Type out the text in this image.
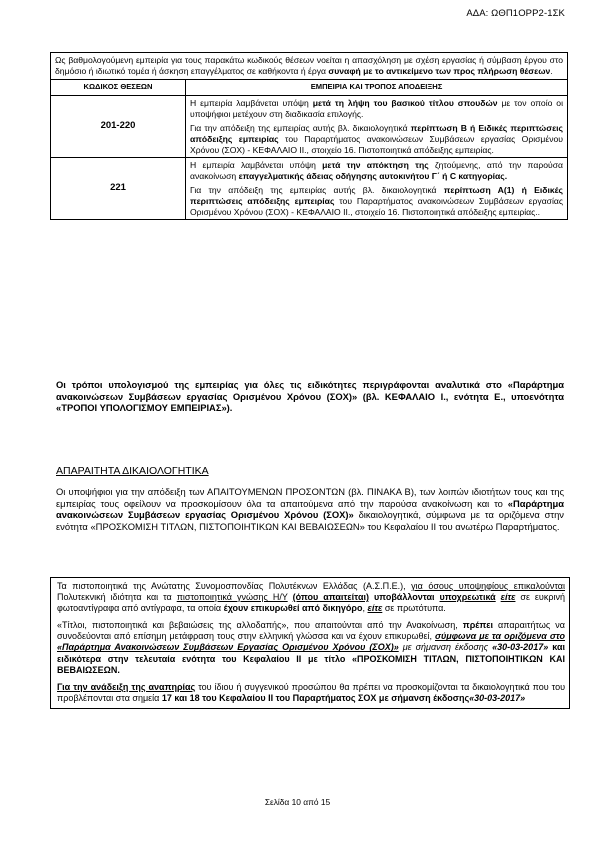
ΑΔΑ: ΩΘΠ1ΟΡΡ2-1ΣΚ
Ως βαθμολογούμενη εμπειρία για τους παρακάτω κωδικούς θέσεων νοείται η απασχόληση με σχέση εργασίας ή σύμβαση έργου στο δημόσιο ή ιδιωτικό τομέα ή άσκηση επαγγέλματος σε καθήκοντα ή έργα συναφή με το αντικείμενο των προς πλήρωση θέσεων.	
ΚΩΔΙΚΟΣ ΘΕΣΕΩΝ	ΕΜΠΕΙΡΙΑ ΚΑΙ ΤΡΟΠΟΣ ΑΠΟΔΕΙΞΗΣ
201-220	Η εμπειρία λαμβάνεται υπόψη μετά τη λήψη του βασικού τίτλου σπουδών με τον οποίο οι υποψήφιοι μετέχουν στη διαδικασία επιλογής.

Για την απόδειξη της εμπειρίας αυτής βλ. δικαιολογητικά περίπτωση Β ή Ειδικές περιπτώσεις απόδειξης εμπειρίας του Παραρτήματος ανακοινώσεων Συμβάσεων εργασίας Ορισμένου Χρόνου (ΣΟΧ) - ΚΕΦΑΛΑΙΟ ΙΙ., στοιχείο 16. Πιστοποιητικά απόδειξης εμπειρίας.

221	Η εμπειρία λαμβάνεται υπόψη μετά την απόκτηση της ζητούμενης, από την παρούσα ανακοίνωση επαγγελματικής άδειας οδήγησης αυτοκινήτου Γ΄ ή C κατηγορίας.

Για την απόδειξη της εμπειρίας αυτής βλ. δικαιολογητικά περίπτωση Α(1) ή Ειδικές περιπτώσεις απόδειξης εμπειρίας του Παραρτήματος ανακοινώσεων Συμβάσεων εργασίας Ορισμένου Χρόνου (ΣΟΧ) - ΚΕΦΑΛΑΙΟ ΙΙ., στοιχείο 16. Πιστοποιητικά απόδειξης εμπειρίας..

Οι τρόποι υπολογισμού της εμπειρίας για όλες τις ειδικότητες περιγράφονται αναλυτικά στο «Παράρτημα ανακοινώσεων Συμβάσεων εργασίας Ορισμένου Χρόνου (ΣΟΧ)» (βλ. ΚΕΦΑΛΑΙΟ Ι., ενότητα Ε., υποενότητα «ΤΡΟΠΟΙ ΥΠΟΛΟΓΙΣΜΟΥ ΕΜΠΕΙΡΙΑΣ»).

ΑΠΑΡΑΙΤΗΤΑ ΔΙΚΑΙΟΛΟΓΗΤΙΚΑ

Οι υποψήφιοι για την απόδειξη των ΑΠΑΙΤΟΥΜΕΝΩΝ ΠΡΟΣΟΝΤΩΝ (βλ. ΠΙΝΑΚΑ Β), των λοιπών ιδιοτήτων τους και της εμπειρίας τους οφείλουν να προσκομίσουν όλα τα απαιτούμενα από την παρούσα ανακοίνωση και το «Παράρτημα ανακοινώσεων Συμβάσεων εργασίας Ορισμένου Χρόνου (ΣΟΧ)» δικαιολογητικά, σύμφωνα με τα οριζόμενα στην ενότητα «ΠΡΟΣΚΟΜΙΣΗ ΤΙΤΛΩΝ, ΠΙΣΤΟΠΟΙΗΤΙΚΩΝ ΚΑΙ ΒΕΒΑΙΩΣΕΩΝ» του Κεφαλαίου ΙΙ του ανωτέρω Παραρτήματος.

Τα πιστοποιητικά της Ανώτατης Συνομοσπονδίας Πολυτέκνων Ελλάδας (Α.Σ.Π.Ε.), για όσους υποψηφίους επικαλούνται Πολυτεκνική ιδιότητα και τα πιστοποιητικά γνώσης Η/Υ (όπου απαιτείται) υποβάλλονται υποχρεωτικά είτε σε ευκρινή φωτοαντίγραφα από αντίγραφα, τα οποία έχουν επικυρωθεί από δικηγόρο, είτε σε πρωτότυπα.

«Τίτλοι, πιστοποιητικά και βεβαιώσεις της αλλοδαπής», που απαιτούνται από την Ανακοίνωση, πρέπει απαραιτήτως να συνοδεύονται από επίσημη μετάφραση τους στην ελληνική γλώσσα και να έχουν επικυρωθεί, σύμφωνα με τα οριζόμενα στο «Παράρτημα Ανακοινώσεων Συμβάσεων Εργασίας Ορισμένου Χρόνου (ΣΟΧ)» με σήμανση έκδοσης «30-03-2017» και ειδικότερα στην τελευταία ενότητα του Κεφαλαίου ΙΙ με τίτλο «ΠΡΟΣΚΟΜΙΣΗ ΤΙΤΛΩΝ, ΠΙΣΤΟΠΟΙΗΤΙΚΩΝ ΚΑΙ ΒΕΒΑΙΩΣΕΩΝ.

Για την ανάδειξη της αναπηρίας του ίδιου ή συγγενικού προσώπου θα πρέπει να προσκομίζονται τα δικαιολογητικά που του προβλέπονται στα σημεία 17 και 18 του Κεφαλαίου ΙΙ του Παραρτήματος ΣΟΧ με σήμανση έκδοσης«30-03-2017»

Σελίδα 10 από 15
